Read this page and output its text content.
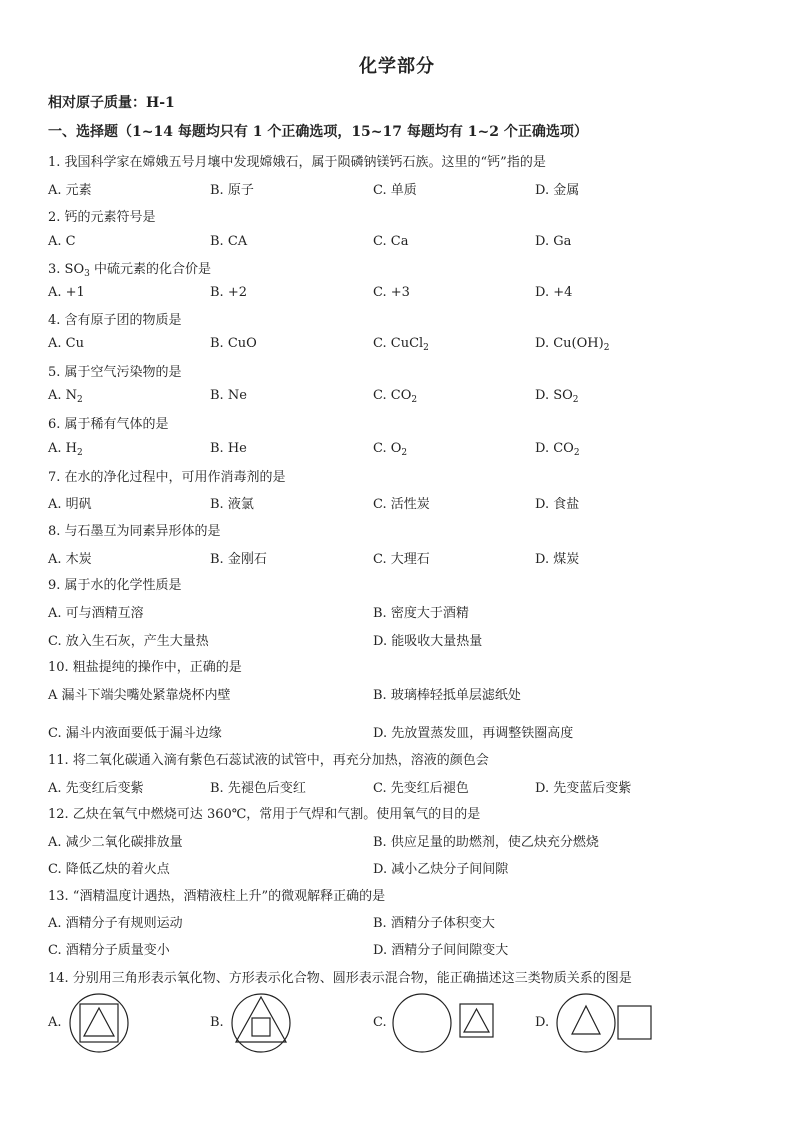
化学部分
相对原子质量：H-1
一、选择题（1~14 每题均只有 1 个正确选项，15~17 每题均有 1~2 个正确选项）
1. 我国科学家在嫦娥五号月壤中发现嫦娥石，属于陨磷钠镁钙石族。这里的“钙”指的是
A. 元素	B. 原子	C. 单质	D. 金属
2. 钙的元素符号是
A. C	B. CA	C. Ca	D. Ga
3. $SO_3$ 中硫元素的化合价是
A. +1	B. +2	C. +3	D. +4
4. 含有原子团的物质是
A. Cu	B. CuO	C. CuCl$_2$	D. $Cu(OH)_2$
5. 属于空气污染物的是
A. $N_2$	B. Ne	C. $CO_2$	D. $SO_2$
6. 属于稀有气体的是
A. $H_2$	B. He	C. $O_2$	D. $CO_2$
7. 在水的净化过程中，可用作消毒剂的是
A. 明矾	B. 液氯	C. 活性炭	D. 食盐
8. 与石墨互为同素异形体的是
A. 木炭	B. 金刚石	C. 大理石	D. 煤炭
9. 属于水的化学性质是
A. 可与酒精互溶	B. 密度大于酒精
C. 放入生石灰，产生大量热	D. 能吸收大量热量
10. 粗盐提纯的操作中，正确的是
A 漏斗下端尖嘴处紧靠烧杯内壁	B. 玻璃棒轻抵单层滤纸处
C. 漏斗内液面要低于漏斗边缘	D. 先放置蒸发皿，再调整铁圈高度
11. 将二氧化碳通入滴有紫色石蕊试液的试管中，再充分加热，溶液的颜色会
A. 先变红后变紫	B. 先褪色后变红	C. 先变红后褪色	D. 先变蓝后变紫
12. 乙炔在氧气中燃烧可达 360℃，常用于气焊和气割。使用氧气的目的是
A. 减少二氧化碳排放量	B. 供应足量的助燃剂，使乙炔充分燃烧
C. 降低乙炔的着火点	D. 减小乙炔分子间间隙
13. “酒精温度计遇热，酒精液柱上升”的微观解释正确的是
A. 酒精分子有规则运动	B. 酒精分子体积变大
C. 酒精分子质量变小	D. 酒精分子间间隙变大
14. 分别用三角形表示氧化物、方形表示化合物、圆形表示混合物，能正确描述这三类物质关系的图是
A.	B.	C.	D.
